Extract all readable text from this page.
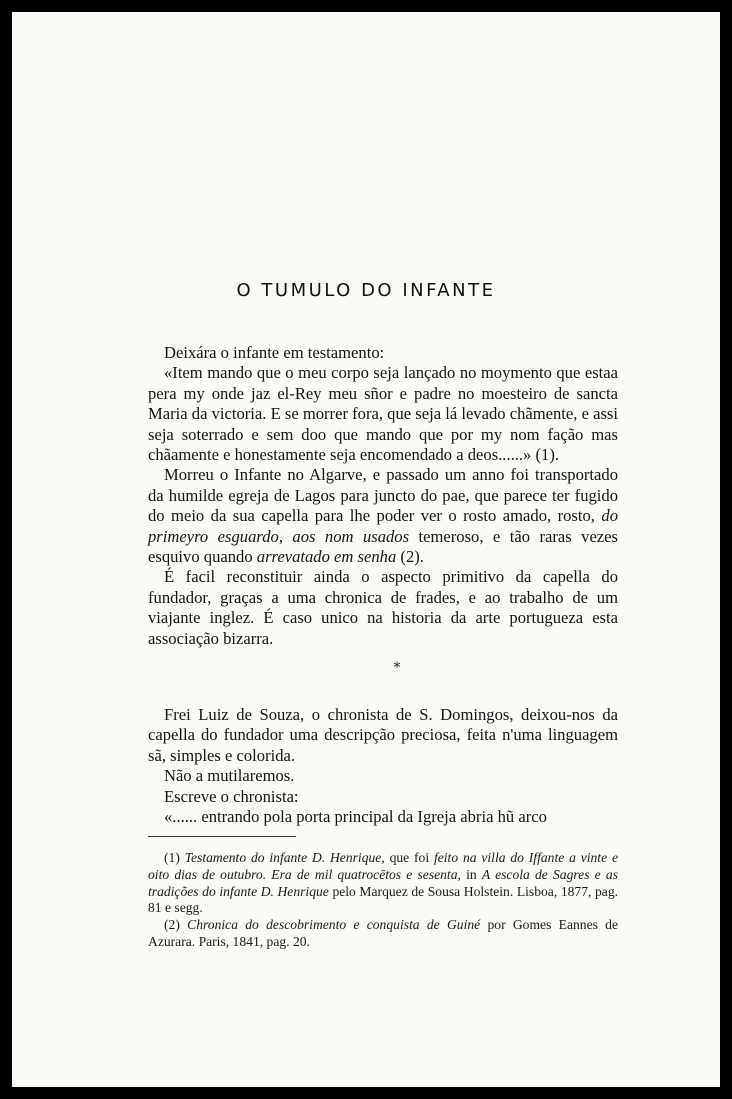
O TUMULO DO INFANTE

Deixára o infante em testamento:

«Item mando que o meu corpo seja lançado no moymento que estaa pera my onde jaz el-Rey meu sñor e padre no moesteiro de sancta Maria da victoria. E se morrer fora, que seja lá levado chãmente, e assi seja soterrado e sem doo que mando que por my nom fação mas chãamente e honestamente seja encomendado a deos......» (1).

Morreu o Infante no Algarve, e passado um anno foi transportado da humilde egreja de Lagos para juncto do pae, que parece ter fugido do meio da sua capella para lhe poder ver o rosto amado, rosto, do primeyro esguardo, aos nom usados temeroso, e tão raras vezes esquivo quando arrevatado em senha (2).

É facil reconstituir ainda o aspecto primitivo da capella do fundador, graças a uma chronica de frades, e ao trabalho de um viajante inglez. É caso unico na historia da arte portugueza esta associação bizarra.

*

Frei Luiz de Souza, o chronista de S. Domingos, deixou-nos da capella do fundador uma descripção preciosa, feita n'uma linguagem sã, simples e colorida.

Não a mutilaremos.

Escreve o chronista:

«...... entrando pola porta principal da Igreja abria hũ arco

(1) Testamento do infante D. Henrique, que foi feito na villa do Iffante a vinte e oito dias de outubro. Era de mil quatrocētos e sesenta, in A escola de Sagres e as tradições do infante D. Henrique pelo Marquez de Sousa Holstein. Lisboa, 1877, pag. 81 e segg.

(2) Chronica do descobrimento e conquista de Guiné por Gomes Eannes de Azurara. Paris, 1841, pag. 20.
